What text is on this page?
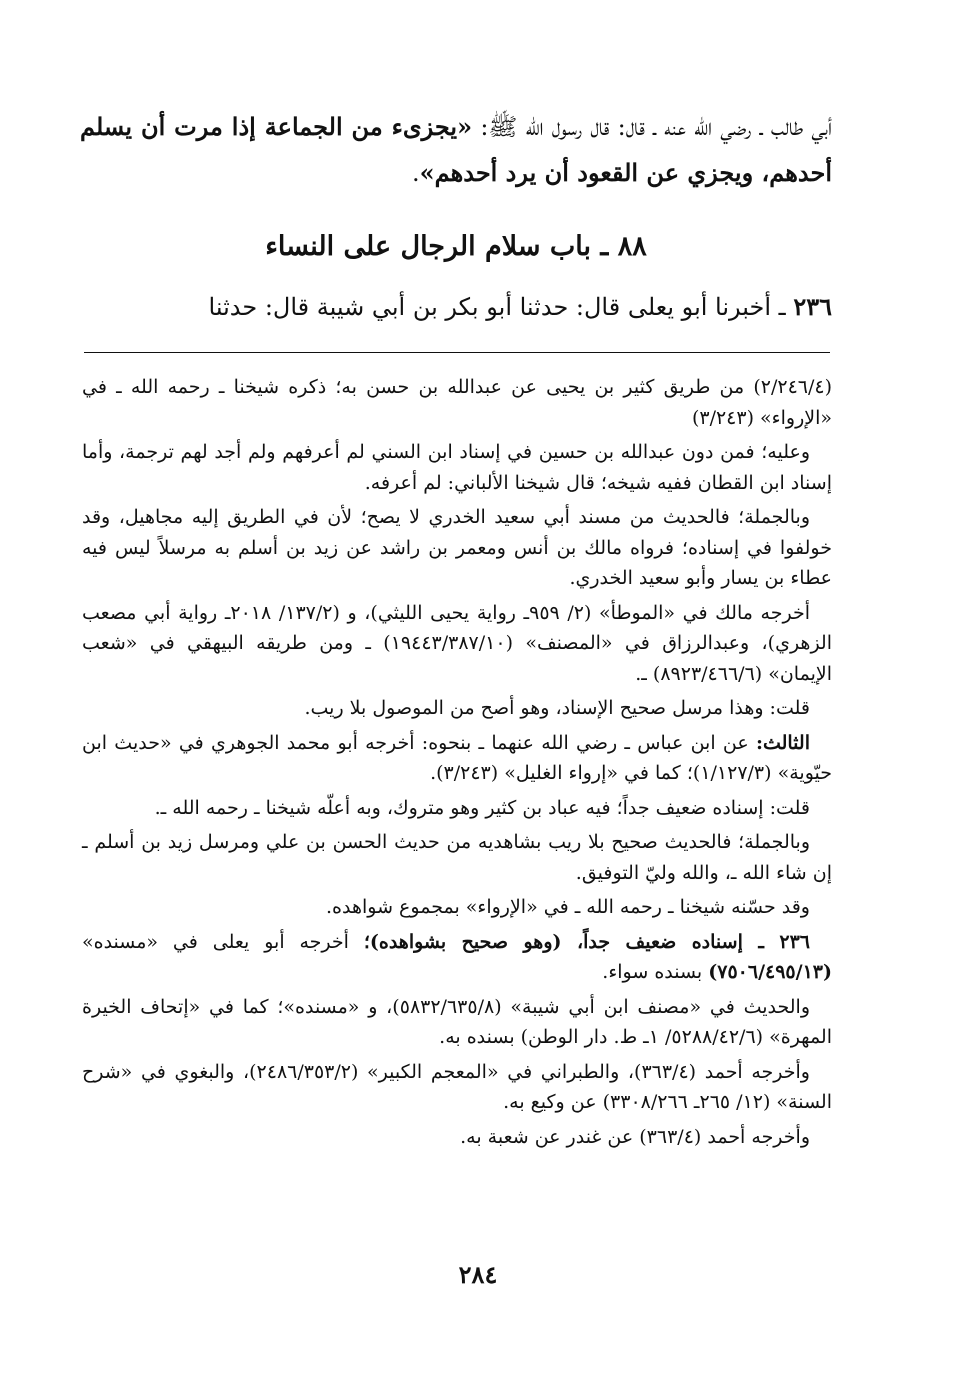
أبي طالب ـ رضي الله عنه ـ قال: قال رسول الله ﷺ: «يجزىء من الجماعة إذا مرت أن يسلم أحدهم، ويجزي عن القعود أن يرد أحدهم».

٨٨ ـ باب سلام الرجال على النساء
٢٣٦ ـ أخبرنا أبو يعلى قال: حدثنا أبو بكر بن أبي شيبة قال: حدثنا

(٢/٢٤٦/٤) من طريق كثير بن يحيى عن عبدالله بن حسن به؛ ذكره شيخنا ـ رحمه الله ـ في «الإرواء» (٣/٢٤٣)

وعليه؛ فمن دون عبدالله بن حسين في إسناد ابن السني لم أعرفهم ولم أجد لهم ترجمة، وأما إسناد ابن القطان ففيه شيخه؛ قال شيخنا الألباني: لم أعرفه.

وبالجملة؛ فالحديث من مسند أبي سعيد الخدري لا يصح؛ لأن في الطريق إليه مجاهيل، وقد خولفوا في إسناده؛ فرواه مالك بن أنس ومعمر بن راشد عن زيد بن أسلم به مرسلاً ليس فيه عطاء بن يسار وأبو سعيد الخدري.

أخرجه مالك في «الموطأ» (٢/ ٩٥٩ـ رواية يحيى الليثي)، و (١٣٧/٢/ ٢٠١٨ـ رواية أبي مصعب الزهري)، وعبدالرزاق في «المصنف» (١٩٤٤٣/٣٨٧/١٠) ـ ومن طريقه البيهقي في «شعب الإيمان» (٨٩٢٣/٤٦٦/٦) ـ.

قلت: وهذا مرسل صحيح الإسناد، وهو أصح من الموصول بلا ريب.

الثالث: عن ابن عباس ـ رضي الله عنهما ـ بنحوه: أخرجه أبو محمد الجوهري في «حديث ابن حيّوية» (١/١٢٧/٣)؛ كما في «إرواء الغليل» (٣/٢٤٣).

قلت: إسناده ضعيف جداً؛ فيه عباد بن كثير وهو متروك، وبه أعلّه شيخنا ـ رحمه الله ـ.

وبالجملة؛ فالحديث صحيح بلا ريب بشاهديه من حديث الحسن بن علي ومرسل زيد بن أسلم ـ إن شاء الله ـ، والله وليّ التوفيق.

وقد حسّنه شيخنا ـ رحمه الله ـ في «الإرواء» بمجموع شواهده.

٢٣٦ ـ إسناده ضعيف جداً، (وهو صحيح بشواهده)؛ أخرجه أبو يعلى في «مسنده» (٧٥٠٦/٤٩٥/١٣) بسنده سواء.

والحديث في «مصنف ابن أبي شيبة» (٥٨٣٢/٦٣٥/٨)، و «مسنده»؛ كما في «إتحاف الخيرة المهرة» (٥٢٨٨/٤٢/٦/ ١ـ ط. دار الوطن) بسنده به.

وأخرجه أحمد (٣٦٣/٤)، والطبراني في «المعجم الكبير» (٢٤٨٦/٣٥٣/٢)، والبغوي في «شرح السنة» (١٢/ ٢٦٥ـ ٣٣٠٨/٢٦٦) عن وكيع به.

وأخرجه أحمد (٣٦٣/٤) عن غندر عن شعبة به.

٢٨٤
